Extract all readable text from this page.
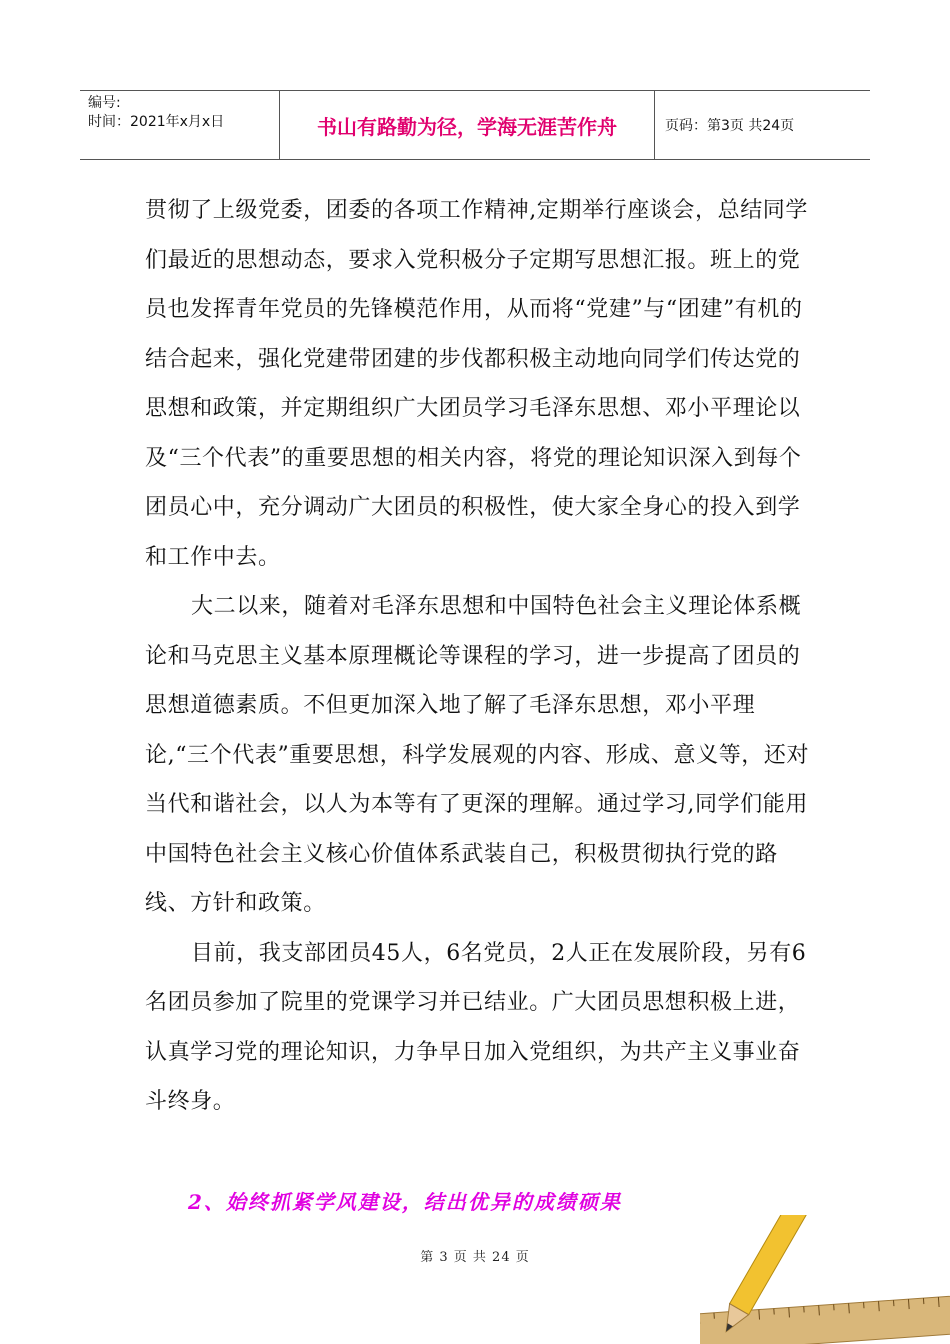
编号:
时间：2021年x月x日	书山有路勤为径，学海无涯苦作舟	页码：第3页 共24页

贯彻了上级党委，团委的各项工作精神,定期举行座谈会，总结同学们最近的思想动态，要求入党积极分子定期写思想汇报。班上的党员也发挥青年党员的先锋模范作用，从而将“党建”与“团建”有机的结合起来，强化党建带团建的步伐都积极主动地向同学们传达党的思想和政策，并定期组织广大团员学习毛泽东思想、邓小平理论以及“三个代表”的重要思想的相关内容，将党的理论知识深入到每个团员心中，充分调动广大团员的积极性，使大家全身心的投入到学和工作中去。

大二以来，随着对毛泽东思想和中国特色社会主义理论体系概论和马克思主义基本原理概论等课程的学习，进一步提高了团员的思想道德素质。不但更加深入地了解了毛泽东思想，邓小平理论,“三个代表”重要思想，科学发展观的内容、形成、意义等，还对当代和谐社会，以人为本等有了更深的理解。通过学习,同学们能用中国特色社会主义核心价值体系武装自己，积极贯彻执行党的路线、方针和政策。

目前，我支部团员45人，6名党员，2人正在发展阶段，另有6名团员参加了院里的党课学习并已结业。广大团员思想积极上进，认真学习党的理论知识，力争早日加入党组织，为共产主义事业奋斗终身。

2、始终抓紧学风建设，结出优异的成绩硕果
第 3 页 共 24 页
